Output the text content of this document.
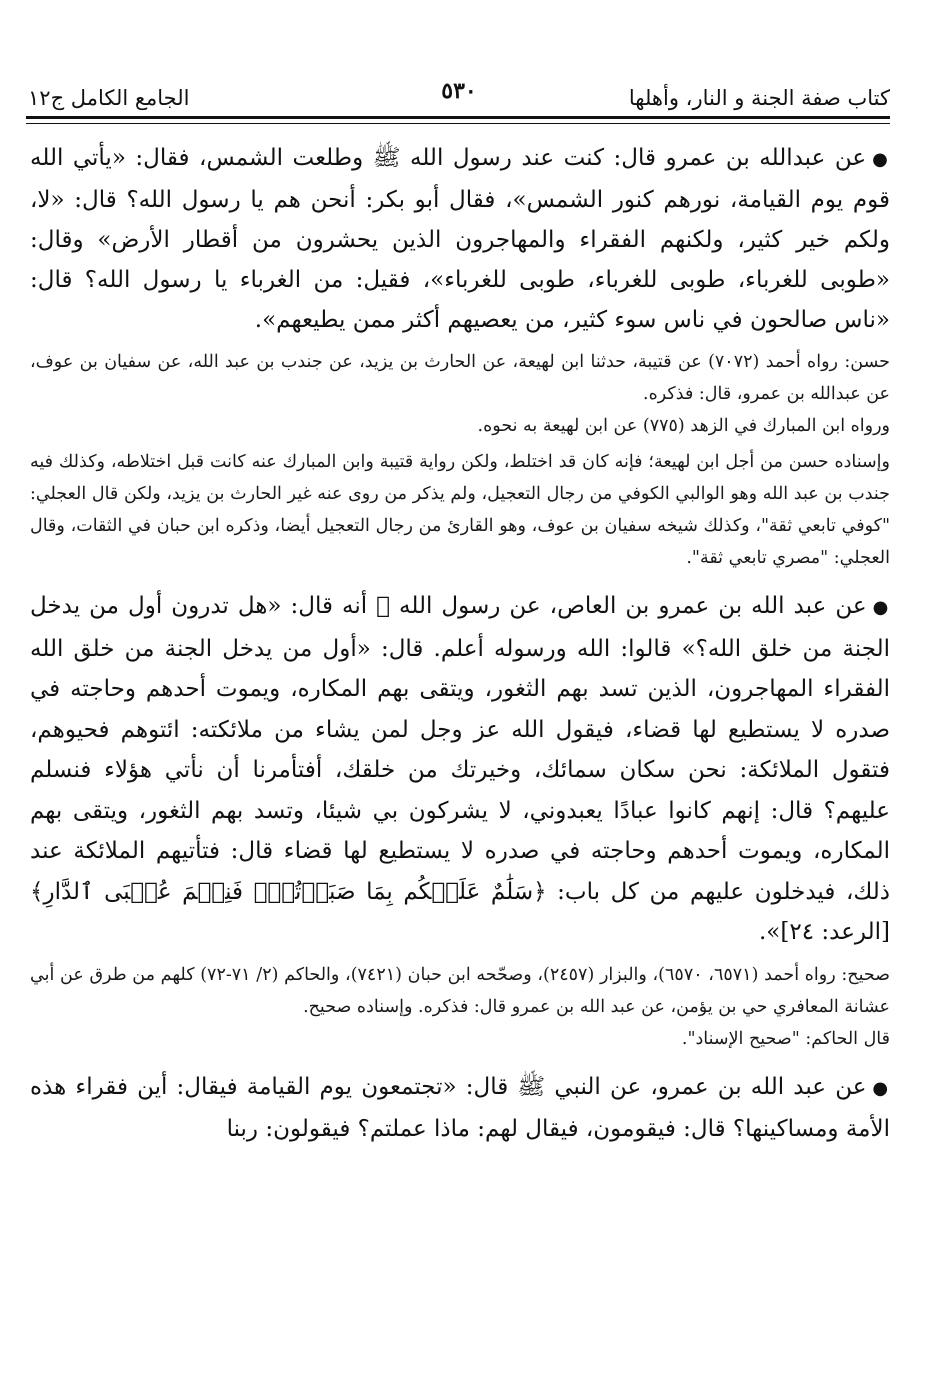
كتاب صفة الجنة و النار، وأهلها
٥٣٠
الجامع الكامل ج١٢

●عن عبدالله بن عمرو قال: كنت عند رسول الله ﷺ وطلعت الشمس، فقال: «يأتي الله قوم يوم القيامة، نورهم كنور الشمس»، فقال أبو بكر: أنحن هم يا رسول الله؟ قال: «لا، ولكم خير كثير، ولكنهم الفقراء والمهاجرون الذين يحشرون من أقطار الأرض» وقال: «طوبى للغرباء، طوبى للغرباء، طوبى للغرباء»، فقيل: من الغرباء يا رسول الله؟ قال: «ناس صالحون في ناس سوء كثير، من يعصيهم أكثر ممن يطيعهم».

حسن: رواه أحمد (٧٠٧٢) عن قتيبة، حدثنا ابن لهيعة، عن الحارث بن يزيد، عن جندب بن عبد الله، عن سفيان بن عوف، عن عبدالله بن عمرو، قال: فذكره.

ورواه ابن المبارك في الزهد (٧٧٥) عن ابن لهيعة به نحوه.

وإسناده حسن من أجل ابن لهيعة؛ فإنه كان قد اختلط، ولكن رواية قتيبة وابن المبارك عنه كانت قبل اختلاطه، وكذلك فيه جندب بن عبد الله وهو الوالبي الكوفي من رجال التعجيل، ولم يذكر من روى عنه غير الحارث بن يزيد، ولكن قال العجلي: "كوفي تابعي ثقة"، وكذلك شيخه سفيان بن عوف، وهو القارئ من رجال التعجيل أيضا، وذكره ابن حبان في الثقات، وقال العجلي: "مصري تابعي ثقة".

●عن عبد الله بن عمرو بن العاص، عن رسول الله ﷺ أنه قال: «هل تدرون أول من يدخل الجنة من خلق الله؟» قالوا: الله ورسوله أعلم. قال: «أول من يدخل الجنة من خلق الله الفقراء المهاجرون، الذين تسد بهم الثغور، ويتقى بهم المكاره، ويموت أحدهم وحاجته في صدره لا يستطيع لها قضاء، فيقول الله عز وجل لمن يشاء من ملائكته: ائتوهم فحيوهم، فتقول الملائكة: نحن سكان سمائك، وخيرتك من خلقك، أفتأمرنا أن نأتي هؤلاء فنسلم عليهم؟ قال: إنهم كانوا عبادًا يعبدوني، لا يشركون بي شيئا، وتسد بهم الثغور، ويتقى بهم المكاره، ويموت أحدهم وحاجته في صدره لا يستطيع لها قضاء قال: فتأتيهم الملائكة عند ذلك، فيدخلون عليهم من كل باب: ﴿سَلَٰمٌ عَلَيۡكُم بِمَا صَبَرۡتُمۡۚ فَنِعۡمَ عُقۡبَى ٱلدَّارِ﴾ [الرعد: ٢٤]».

صحيح: رواه أحمد (٦٥٧١، ٦٥٧٠)، والبزار (٢٤٥٧)، وصحّحه ابن حبان (٧٤٢١)، والحاكم (٢/ ٧١-٧٢) كلهم من طرق عن أبي عشانة المعافري حي بن يؤمن، عن عبد الله بن عمرو قال: فذكره. وإسناده صحيح.

قال الحاكم: "صحيح الإسناد".

●عن عبد الله بن عمرو، عن النبي ﷺ قال: «تجتمعون يوم القيامة فيقال: أين فقراء هذه الأمة ومساكينها؟ قال: فيقومون، فيقال لهم: ماذا عملتم؟ فيقولون: ربنا
